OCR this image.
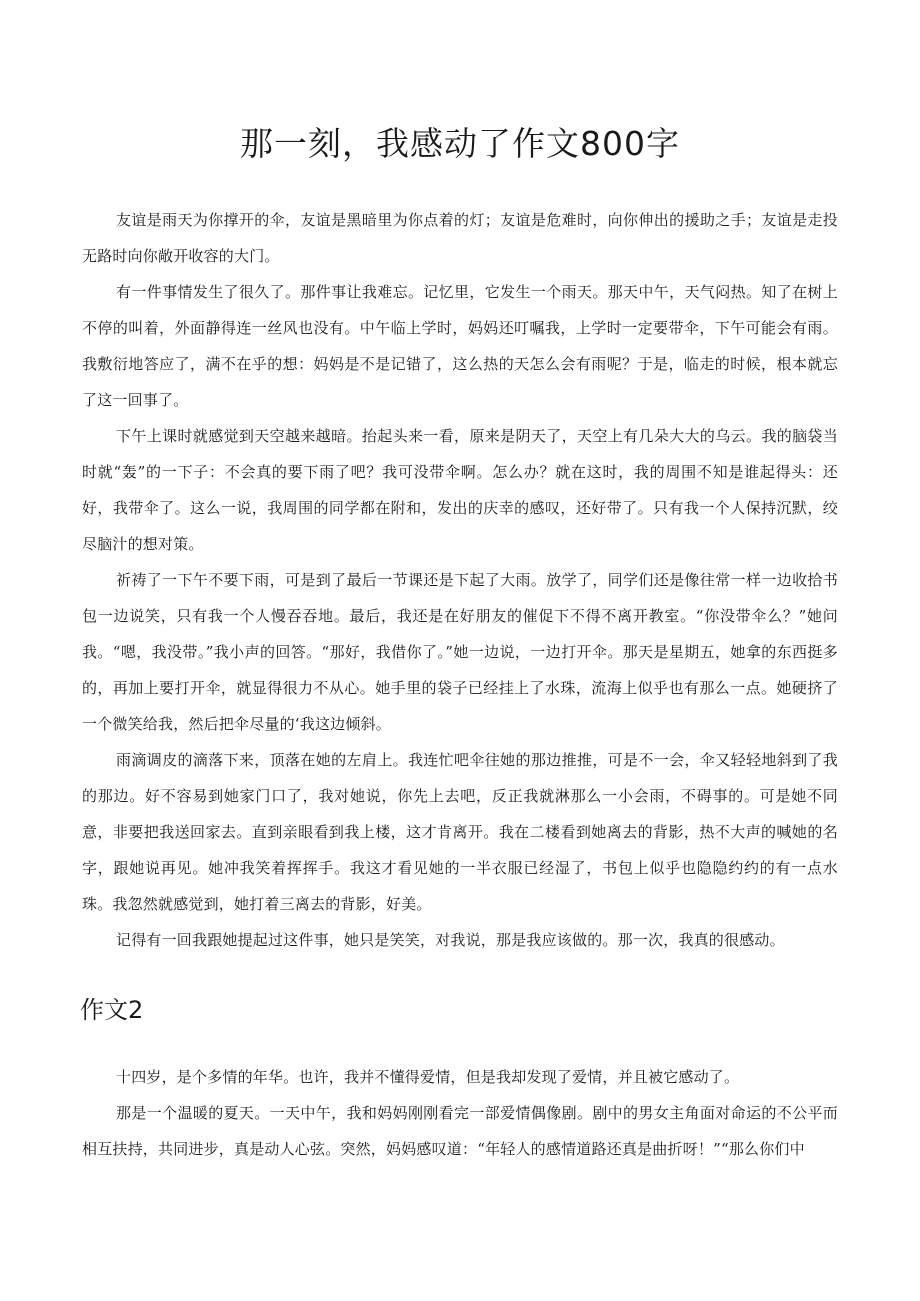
那一刻，我感动了作文800字

友谊是雨天为你撑开的伞，友谊是黑暗里为你点着的灯；友谊是危难时，向你伸出的援助之手；友谊是走投无路时向你敞开收容的大门。

有一件事情发生了很久了。那件事让我难忘。记忆里，它发生一个雨天。那天中午，天气闷热。知了在树上不停的叫着，外面静得连一丝风也没有。中午临上学时，妈妈还叮嘱我，上学时一定要带伞，下午可能会有雨。我敷衍地答应了，满不在乎的想：妈妈是不是记错了，这么热的天怎么会有雨呢？于是，临走的时候，根本就忘了这一回事了。

下午上课时就感觉到天空越来越暗。抬起头来一看，原来是阴天了，天空上有几朵大大的乌云。我的脑袋当时就“轰”的一下子：不会真的要下雨了吧？我可没带伞啊。怎么办？就在这时，我的周围不知是谁起得头：还好，我带伞了。这么一说，我周围的同学都在附和，发出的庆幸的感叹，还好带了。只有我一个人保持沉默，绞尽脑汁的想对策。

祈祷了一下午不要下雨，可是到了最后一节课还是下起了大雨。放学了，同学们还是像往常一样一边收拾书包一边说笑，只有我一个人慢吞吞地。最后，我还是在好朋友的催促下不得不离开教室。“你没带伞么？”她问我。“嗯，我没带。”我小声的回答。“那好，我借你了。”她一边说，一边打开伞。那天是星期五，她拿的东西挺多的，再加上要打开伞，就显得很力不从心。她手里的袋子已经挂上了水珠，流海上似乎也有那么一点。她硬挤了一个微笑给我，然后把伞尽量的‘我这边倾斜。

雨滴调皮的滴落下来，顶落在她的左肩上。我连忙吧伞往她的那边推推，可是不一会，伞又轻轻地斜到了我的那边。好不容易到她家门口了，我对她说，你先上去吧，反正我就淋那么一小会雨，不碍事的。可是她不同意，非要把我送回家去。直到亲眼看到我上楼，这才肯离开。我在二楼看到她离去的背影，热不大声的喊她的名字，跟她说再见。她冲我笑着挥挥手。我这才看见她的一半衣服已经湿了，书包上似乎也隐隐约约的有一点水珠。我忽然就感觉到，她打着三离去的背影，好美。

记得有一回我跟她提起过这件事，她只是笑笑，对我说，那是我应该做的。那一次，我真的很感动。

作文2

十四岁，是个多情的年华。也许，我并不懂得爱情，但是我却发现了爱情，并且被它感动了。

那是一个温暖的夏天。一天中午，我和妈妈刚刚看完一部爱情偶像剧。剧中的男女主角面对命运的不公平而相互扶持，共同进步，真是动人心弦。突然，妈妈感叹道：“年轻人的感情道路还真是曲折呀！”“那么你们中
